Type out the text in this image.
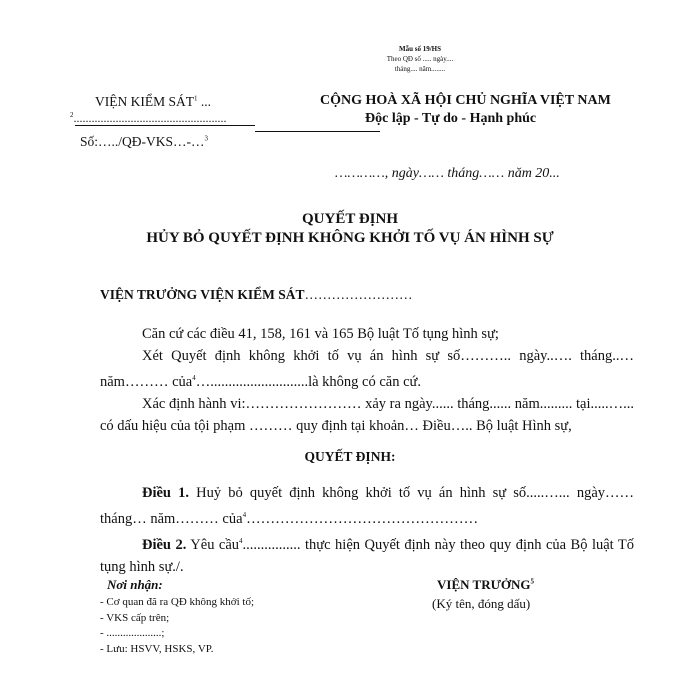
Mẫu số 19/HS
Theo QĐ số ..... ngày....
tháng.... năm........
VIỆN KIỂM SÁT$^1$ ...
$^2$...................................................
Số:…../QĐ-VKS…-…$^3$
CỘNG HOÀ XÃ HỘI CHỦ NGHĨA VIỆT NAM
Độc lập - Tự do - Hạnh phúc
…………, ngày…… tháng…… năm 20...
QUYẾT ĐỊNH
HỦY BỎ QUYẾT ĐỊNH KHÔNG KHỞI TỐ VỤ ÁN HÌNH SỰ
VIỆN TRƯỞNG VIỆN KIỂM SÁT……………………

Căn cứ các điều 41, 158, 161 và 165 Bộ luật Tố tụng hình sự;

Xét Quyết định không khởi tố vụ án hình sự số……….. ngày..…. tháng..… năm……… của$^4$…...........................là không có căn cứ.

Xác định hành vi:…………………… xảy ra ngày...... tháng...... năm......... tại.....…... có dấu hiệu của tội phạm ……… quy định tại khoản… Điều….. Bộ luật Hình sự,

QUYẾT ĐỊNH:

Điều 1. Huỷ bỏ quyết định không khởi tố vụ án hình sự số.....…... ngày…… tháng… năm……… của$^4$…………………………………………

Điều 2. Yêu cầu$^4$................ thực hiện Quyết định này theo quy định của Bộ luật Tố tụng hình sự./.

Nơi nhận:
- Cơ quan đã ra QĐ không khởi tố;
- VKS cấp trên;
- ....................;
- Lưu: HSVV, HSKS, VP.
VIỆN TRƯỞNG$^5$
(Ký tên, đóng dấu)
